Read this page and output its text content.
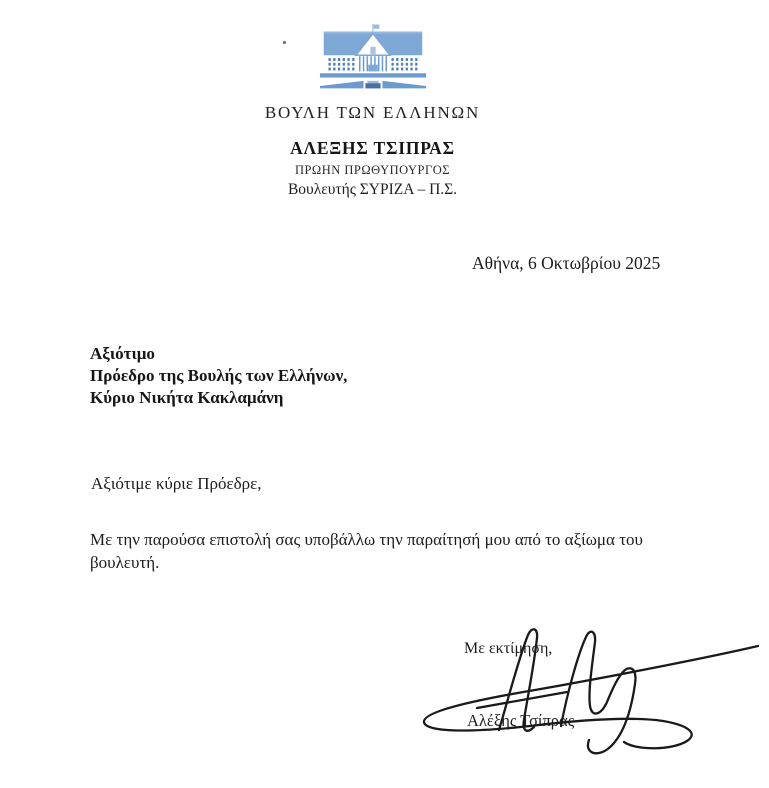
ΒΟΥΛΗ ΤΩΝ ΕΛΛΗΝΩΝ
ΑΛΕΞΗΣ ΤΣΙΠΡΑΣ
ΠΡΩΗΝ ΠΡΩΘΥΠΟΥΡΓΟΣ
Βουλευτής ΣΥΡΙΖΑ – Π.Σ.
Αθήνα, 6 Οκτωβρίου 2025
Αξιότιμο
Πρόεδρο της Βουλής των Ελλήνων,
Κύριο Νικήτα Κακλαμάνη
Αξιότιμε κύριε Πρόεδρε,
Με την παρούσα επιστολή σας υποβάλλω την παραίτησή μου από το αξίωμα του βουλευτή.
Με εκτίμηση,
Αλέξης Τσίπρας
